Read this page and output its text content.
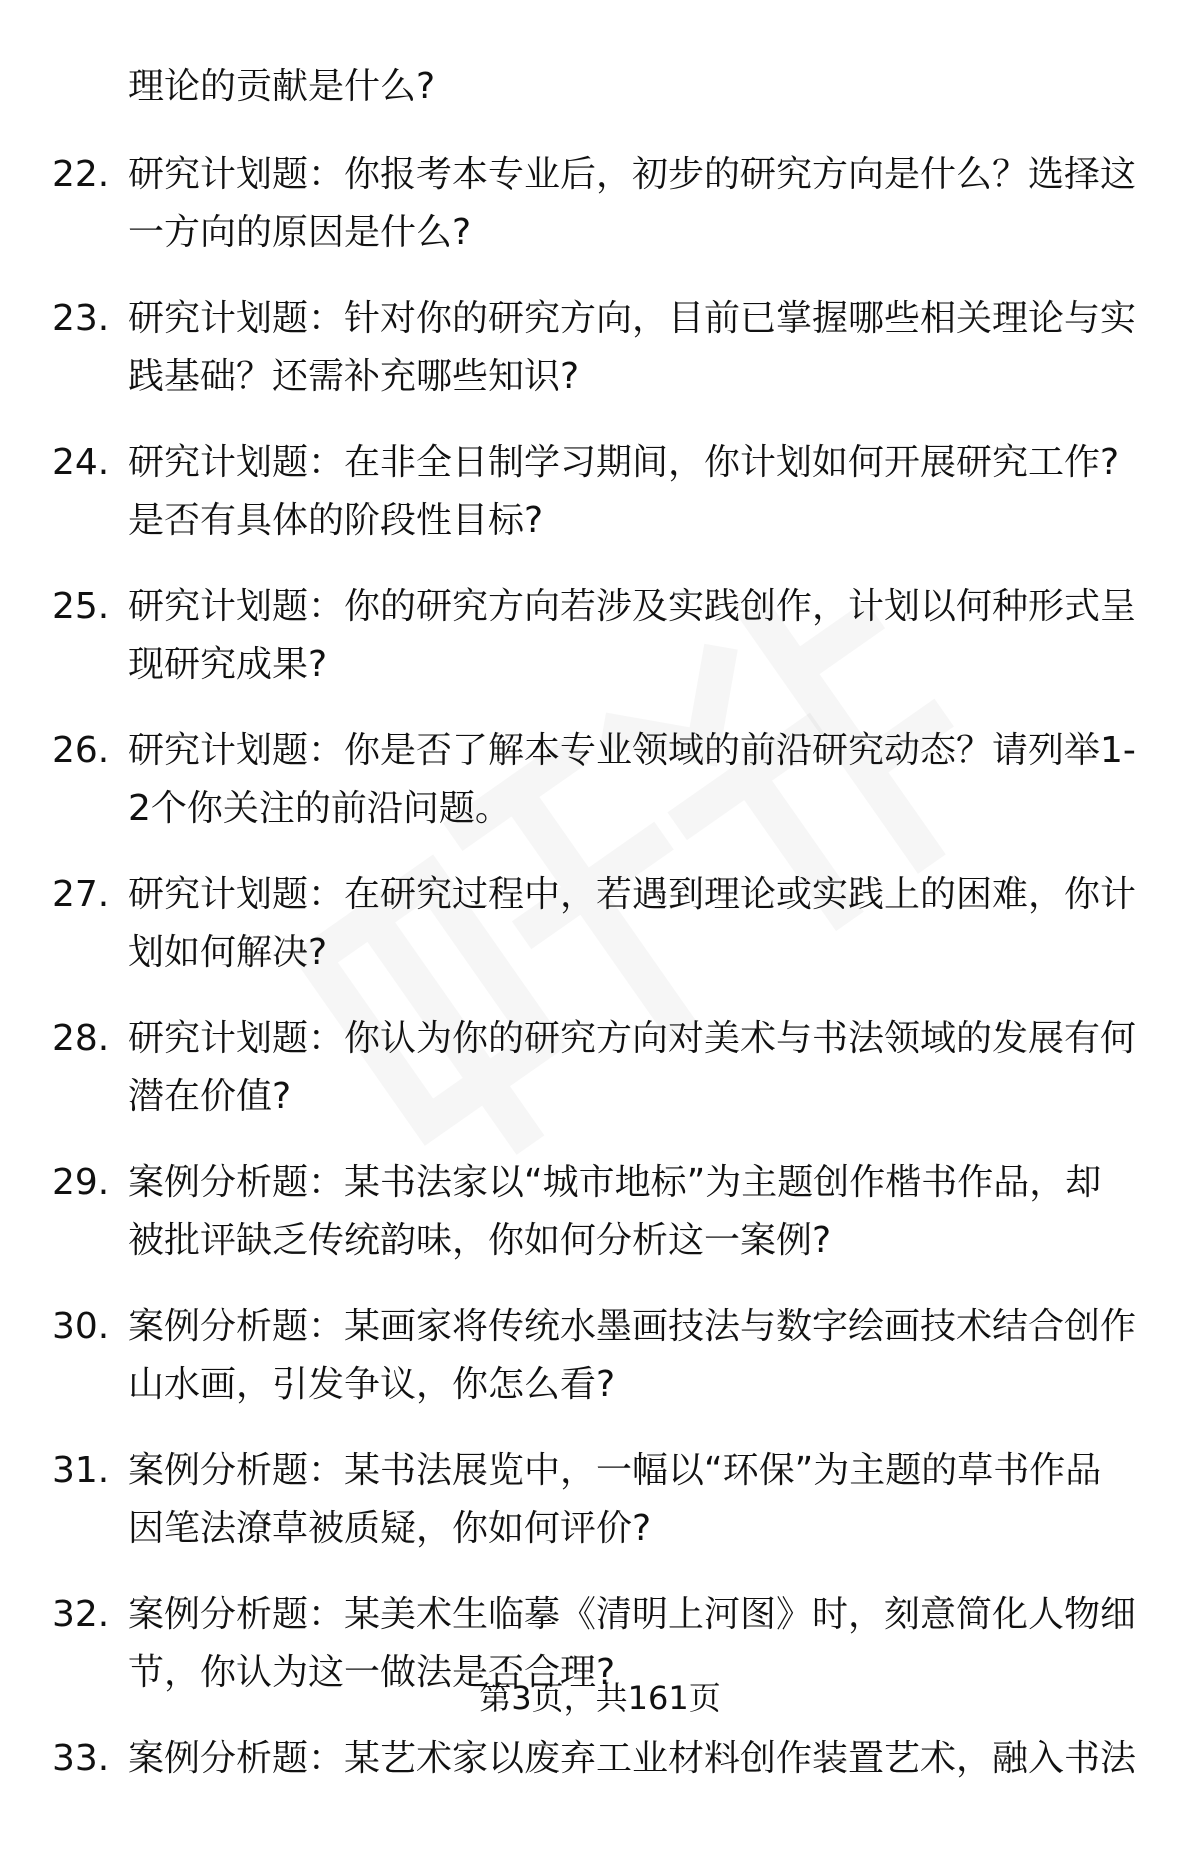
理论的贡献是什么?
22. 研究计划题：你报考本专业后，初步的研究方向是什么？选择这
一方向的原因是什么?
23. 研究计划题：针对你的研究方向，目前已掌握哪些相关理论与实
践基础？还需补充哪些知识?
24. 研究计划题：在非全日制学习期间，你计划如何开展研究工作?
是否有具体的阶段性目标?
25. 研究计划题：你的研究方向若涉及实践创作，计划以何种形式呈
现研究成果?
26. 研究计划题：你是否了解本专业领域的前沿研究动态？请列举1-
2个你关注的前沿问题。
27. 研究计划题：在研究过程中，若遇到理论或实践上的困难，你计
划如何解决?
28. 研究计划题：你认为你的研究方向对美术与书法领域的发展有何
潜在价值?
29. 案例分析题：某书法家以“城市地标”为主题创作楷书作品，却
被批评缺乏传统韵味，你如何分析这一案例?
30. 案例分析题：某画家将传统水墨画技法与数字绘画技术结合创作
山水画，引发争议，你怎么看?
31. 案例分析题：某书法展览中，一幅以“环保”为主题的草书作品
因笔法潦草被质疑，你如何评价?
32. 案例分析题：某美术生临摹《清明上河图》时，刻意简化人物细
节，你认为这一做法是否合理?
33. 案例分析题：某艺术家以废弃工业材料创作装置艺术，融入书法
第3页，共161页
